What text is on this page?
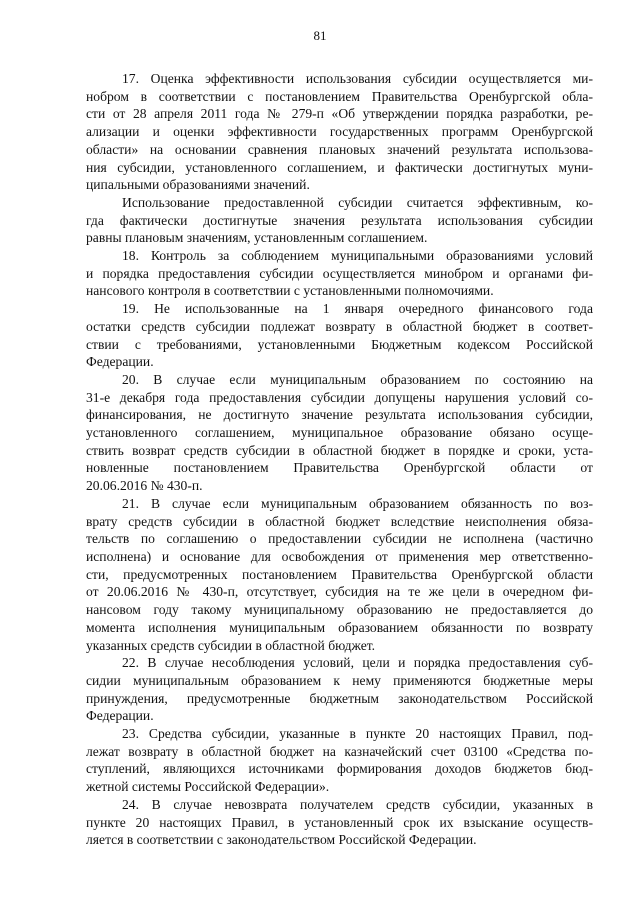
81
17. Оценка эффективности использования субсидии осуществляется ми-
нобром в соответствии с постановлением Правительства Оренбургской обла-
сти от 28 апреля 2011 года № 279-п «Об утверждении порядка разработки, ре-
ализации и оценки эффективности государственных программ Оренбургской
области» на основании сравнения плановых значений результата использова-
ния субсидии, установленного соглашением, и фактически достигнутых муни-
ципальными образованиями значений.
Использование предоставленной субсидии считается эффективным, ко-
гда фактически достигнутые значения результата использования субсидии
равны плановым значениям, установленным соглашением.
18. Контроль за соблюдением муниципальными образованиями условий
и порядка предоставления субсидии осуществляется минобром и органами фи-
нансового контроля в соответствии с установленными полномочиями.
19. Не использованные на 1 января очередного финансового года
остатки средств субсидии подлежат возврату в областной бюджет в соответ-
ствии с требованиями, установленными Бюджетным кодексом Российской
Федерации.
20. В случае если муниципальным образованием по состоянию на
31-е декабря года предоставления субсидии допущены нарушения условий со-
финансирования, не достигнуто значение результата использования субсидии,
установленного соглашением, муниципальное образование обязано осуще-
ствить возврат средств субсидии в областной бюджет в порядке и сроки, уста-
новленные постановлением Правительства Оренбургской области от
20.06.2016 № 430-п.
21. В случае если муниципальным образованием обязанность по воз-
врату средств субсидии в областной бюджет вследствие неисполнения обяза-
тельств по соглашению о предоставлении субсидии не исполнена (частично
исполнена) и основание для освобождения от применения мер ответственно-
сти, предусмотренных постановлением Правительства Оренбургской области
от 20.06.2016 № 430-п, отсутствует, субсидия на те же цели в очередном фи-
нансовом году такому муниципальному образованию не предоставляется до
момента исполнения муниципальным образованием обязанности по возврату
указанных средств субсидии в областной бюджет.
22. В случае несоблюдения условий, цели и порядка предоставления суб-
сидии муниципальным образованием к нему применяются бюджетные меры
принуждения, предусмотренные бюджетным законодательством Российской
Федерации.
23. Средства субсидии, указанные в пункте 20 настоящих Правил, под-
лежат возврату в областной бюджет на казначейский счет 03100 «Средства по-
ступлений, являющихся источниками формирования доходов бюджетов бюд-
жетной системы Российской Федерации».
24. В случае невозврата получателем средств субсидии, указанных в
пункте 20 настоящих Правил, в установленный срок их взыскание осуществ-
ляется в соответствии с законодательством Российской Федерации.
